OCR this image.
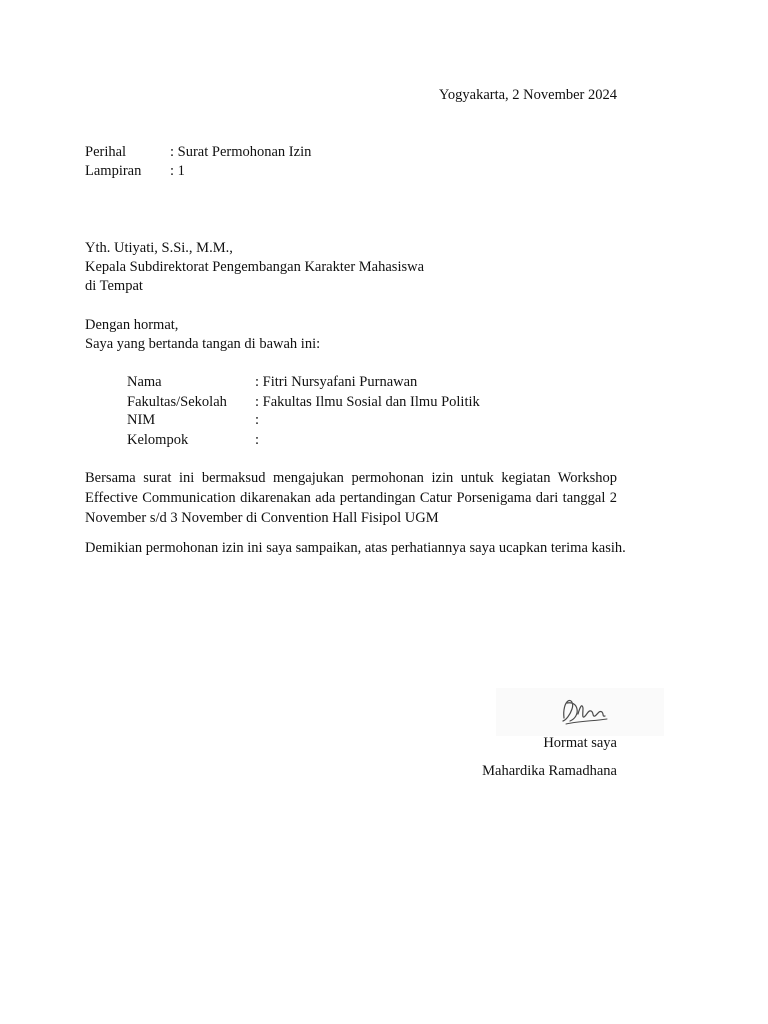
Yogyakarta, 2 November 2024
Perihal	: Surat Permohonan Izin
Lampiran : 1
Yth. Utiyati, S.Si., M.M.,
Kepala Subdirektorat Pengembangan Karakter Mahasiswa
di Tempat
Dengan hormat,
Saya yang bertanda tangan di bawah ini:
Nama	: Fitri Nursyafani Purnawan
Fakultas/Sekolah : Fakultas Ilmu Sosial dan Ilmu Politik
NIM	:
Kelompok	:
Bersama surat ini bermaksud mengajukan permohonan izin untuk kegiatan Workshop Effective Communication dikarenakan ada pertandingan Catur Porsenigama dari tanggal 2 November s/d 3 November di Convention Hall Fisipol UGM
Demikian permohonan izin ini saya sampaikan, atas perhatiannya saya ucapkan terima kasih.
Hormat saya
Mahardika Ramadhana
